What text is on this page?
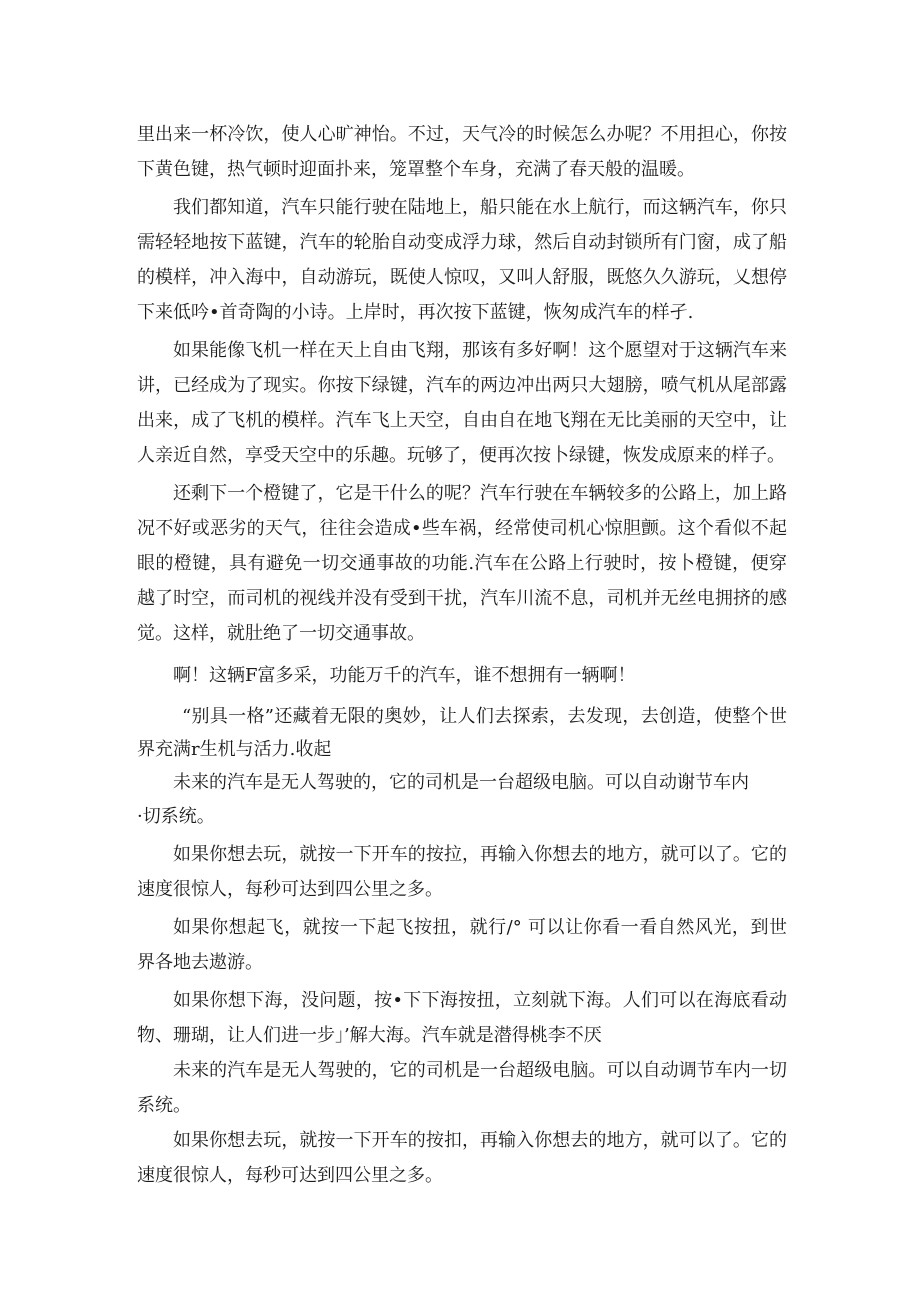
里出来一杯冷饮，使人心旷神怡。不过，天气冷的时候怎么办呢？不用担心，你按下黄色键，热气顿时迎面扑来，笼罩整个车身，充满了春天般的温暖。

我们都知道，汽车只能行驶在陆地上，船只能在水上航行，而这辆汽车，你只需轻轻地按下蓝键，汽车的轮胎自动变成浮力球，然后自动封锁所有门窗，成了船的模样，冲入海中，自动游玩，既使人惊叹，又叫人舒服，既悠久久游玩，乂想停下来低吟•首奇陶的小诗。上岸时，再次按下蓝键，恢匆成汽车的样孑.

如果能像飞机一样在天上自由飞翔，那该有多好啊！这个愿望对于这辆汽车来讲，已经成为了现实。你按下绿键，汽车的两边冲出两只大翅膀，喷气机从尾部露出来，成了飞机的模样。汽车飞上天空，自由自在地飞翔在无比美丽的天空中，让人亲近自然，享受天空中的乐趣。玩够了，便再次按卜绿键，恢发成原来的样子。

还剩下一个橙键了，它是干什么的呢？汽车行驶在车辆较多的公路上，加上路况不好或恶劣的天气，往往会造成•些车祸，经常使司机心惊胆颤。这个看似不起眼的橙键，具有避免一切交通事故的功能.汽车在公路上行驶时，按卜橙键，便穿越了时空，而司机的视线并没有受到干扰，汽车川流不息，司机并无丝电拥挤的感觉。这样，就肚绝了一切交通事故。

啊！这辆F富多采，功能万千的汽车，谁不想拥有一辆啊！

“别具一格”还藏着无限的奥妙，让人们去探索，去发现，去创造，使整个世界充满r生机与活力.收起

未来的汽车是无人驾驶的，它的司机是一台超级电脑。可以自动谢节车内

·切系统。

如果你想去玩，就按一下开车的按拉，再输入你想去的地方，就可以了。它的速度很惊人，每秒可达到四公里之多。

如果你想起飞，就按一下起飞按扭，就行/° 可以让你看一看自然风光，到世界各地去遨游。

如果你想下海，没问题，按•下下海按扭，立刻就下海。人们可以在海底看动物、珊瑚，让人们进一步」’解大海。汽车就是潜得桃李不厌

未来的汽车是无人驾驶的，它的司机是一台超级电脑。可以自动调节车内一切系统。

如果你想去玩，就按一下开车的按扣，再输入你想去的地方，就可以了。它的速度很惊人，每秒可达到四公里之多。
